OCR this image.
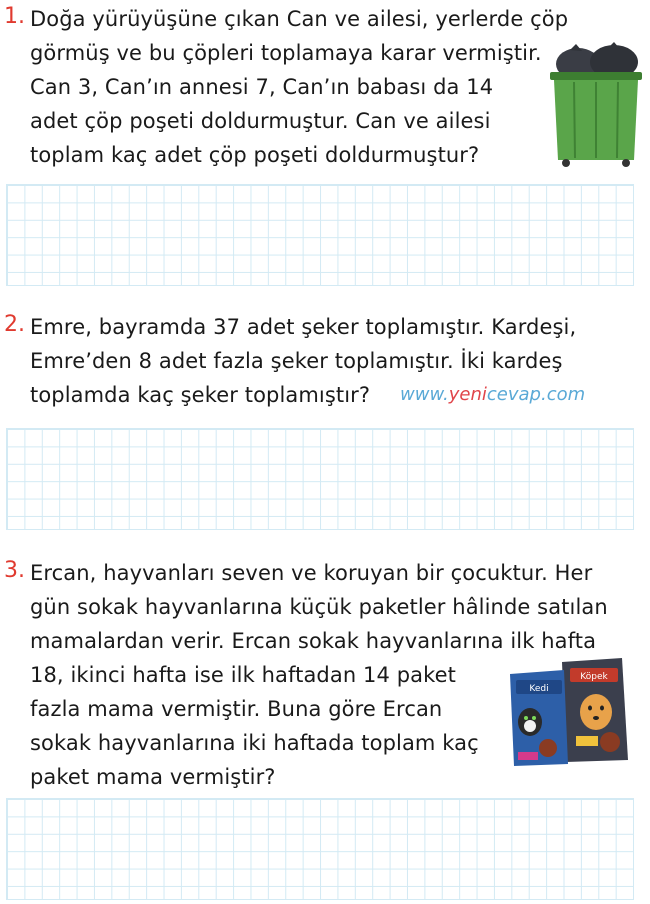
1. Doğa yürüyüşüne çıkan Can ve ailesi, yerlerde çöp
görmüş ve bu çöpleri toplamaya karar vermiştir.
Can 3, Can’ın annesi 7, Can’ın babası da 14
adet çöp poşeti doldurmuştur. Can ve ailesi
toplam kaç adet çöp poşeti doldurmuştur?
2. Emre, bayramda 37 adet şeker toplamıştır. Kardeşi,
Emre’den 8 adet fazla şeker toplamıştır. İki kardeş
toplamda kaç şeker toplamıştır? www.yenicevap.com
3. Ercan, hayvanları seven ve koruyan bir çocuktur. Her
gün sokak hayvanlarına küçük paketler hâlinde satılan
mamalardan verir. Ercan sokak hayvanlarına ilk hafta
18, ikinci hafta ise ilk haftadan 14 paket
fazla mama vermiştir. Buna göre Ercan
sokak hayvanlarına iki haftada toplam kaç
paket mama vermiştir?
Köpek
Kedi
